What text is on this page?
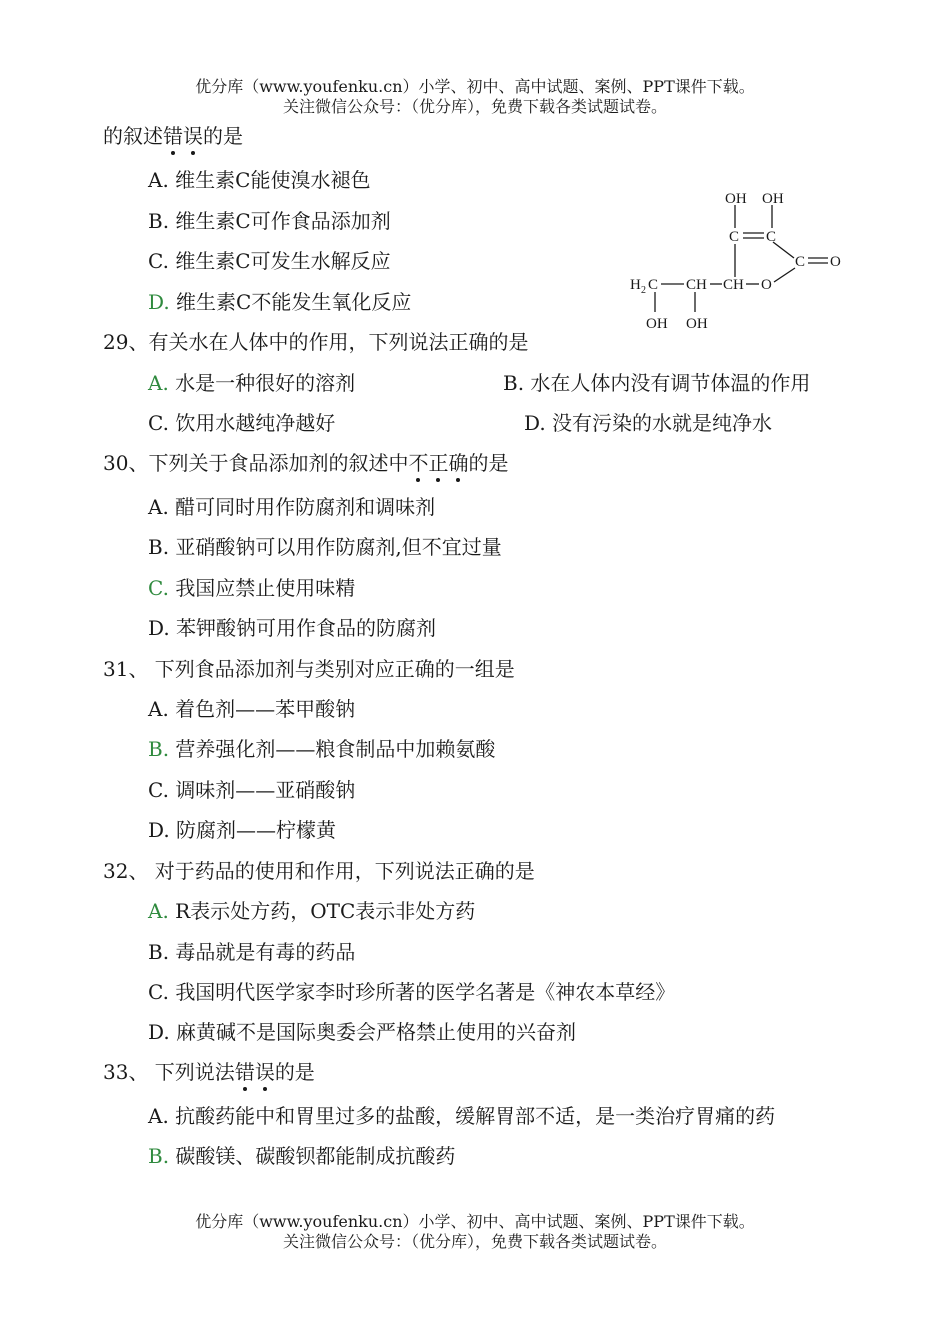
优分库（www.youfenku.cn）小学、初中、高中试题、案例、PPT课件下载。
关注微信公众号：（优分库），免费下载各类试题试卷。
的叙述错误的是
A. 维生素C能使溴水褪色
B. 维生素C可作食品添加剂
C. 维生素C可发生水解反应
D. 维生素C不能发生氧化反应
OH OH
C C
C O
H 2 C CH CH O
OH OH
29、有关水在人体中的作用，下列说法正确的是
A. 水是一种很好的溶剂	B. 水在人体内没有调节体温的作用
C. 饮用水越纯净越好	D. 没有污染的水就是纯净水
30、下列关于食品添加剂的叙述中不正确的是
A. 醋可同时用作防腐剂和调味剂
B. 亚硝酸钠可以用作防腐剂,但不宜过量
C. 我国应禁止使用味精
D. 苯钾酸钠可用作食品的防腐剂
31、 下列食品添加剂与类别对应正确的一组是
A. 着色剂——苯甲酸钠
B. 营养强化剂——粮食制品中加赖氨酸
C. 调味剂——亚硝酸钠
D. 防腐剂——柠檬黄
32、 对于药品的使用和作用，下列说法正确的是
A. R表示处方药，OTC表示非处方药
B. 毒品就是有毒的药品
C. 我国明代医学家李时珍所著的医学名著是《神农本草经》
D. 麻黄碱不是国际奥委会严格禁止使用的兴奋剂
33、 下列说法错误的是
A. 抗酸药能中和胃里过多的盐酸，缓解胃部不适，是一类治疗胃痛的药
B. 碳酸镁、碳酸钡都能制成抗酸药
优分库（www.youfenku.cn）小学、初中、高中试题、案例、PPT课件下载。
关注微信公众号：（优分库），免费下载各类试题试卷。
